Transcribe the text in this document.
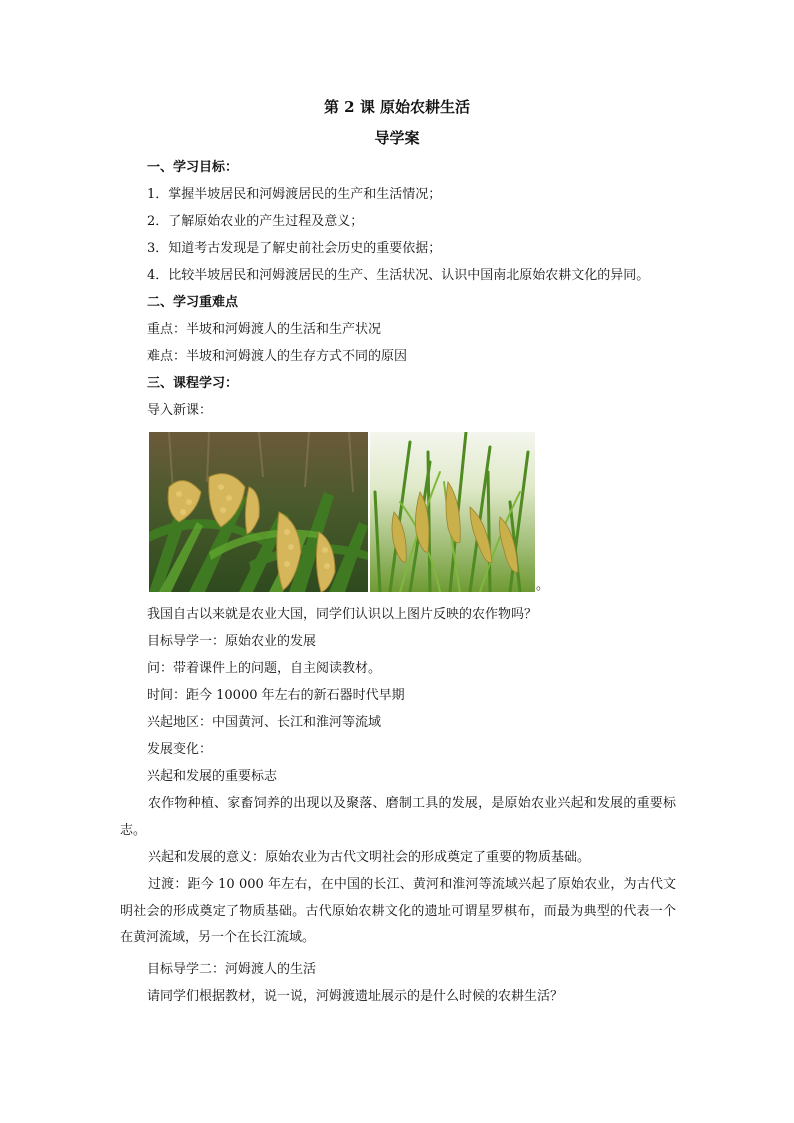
第 2 课 原始农耕生活
导学案
一、学习目标：
1．掌握半坡居民和河姆渡居民的生产和生活情况；
2．了解原始农业的产生过程及意义；
3．知道考古发现是了解史前社会历史的重要依据；
4．比较半坡居民和河姆渡居民的生产、生活状况、认识中国南北原始农耕文化的异同。
二、学习重难点
重点：半坡和河姆渡人的生活和生产状况
难点：半坡和河姆渡人的生存方式不同的原因
三、课程学习：
导入新课：
。
我国自古以来就是农业大国，同学们认识以上图片反映的农作物吗？
目标导学一：原始农业的发展
问：带着课件上的问题，自主阅读教材。
时间：距今 10000 年左右的新石器时代早期
兴起地区：中国黄河、长江和淮河等流域
发展变化：
兴起和发展的重要标志
农作物种植、家畜饲养的出现以及聚落、磨制工具的发展，是原始农业兴起和发展的重要标志。
兴起和发展的意义：原始农业为古代文明社会的形成奠定了重要的物质基础。
过渡：距今 10 000 年左右，在中国的长江、黄河和淮河等流域兴起了原始农业，为古代文明社会的形成奠定了物质基础。古代原始农耕文化的遗址可谓星罗棋布，而最为典型的代表一个在黄河流域，另一个在长江流域。
目标导学二：河姆渡人的生活
请同学们根据教材，说一说，河姆渡遗址展示的是什么时候的农耕生活？
